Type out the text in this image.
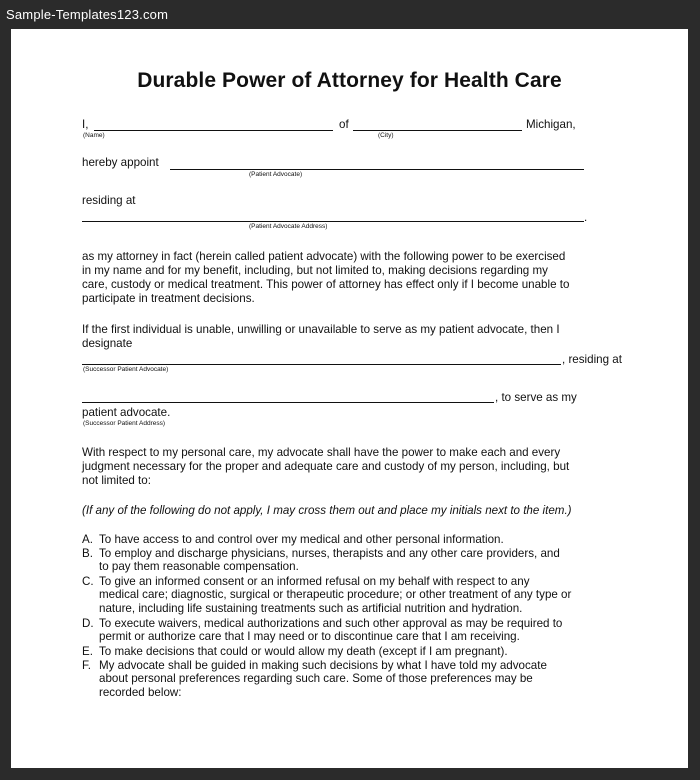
Sample-Templates123.com
Durable Power of Attorney for Health Care
I,	of	Michigan,
(Name)	(City)
hereby appoint
(Patient Advocate)
residing at
.
(Patient Advocate Address)
as my attorney in fact (herein called patient advocate) with the following power to be exercised
in my name and for my benefit, including, but not limited to, making decisions regarding my
care, custody or medical treatment. This power of attorney has effect only if I become unable to
participate in treatment decisions.
If the first individual is unable, unwilling or unavailable to serve as my patient advocate, then I
designate
, residing at
(Successor Patient Advocate)
, to serve as my
patient advocate.
(Successor Patient Address)
With respect to my personal care, my advocate shall have the power to make each and every
judgment necessary for the proper and adequate care and custody of my person, including, but
not limited to:
(If any of the following do not apply, I may cross them out and place my initials next to the item.)
A. To have access to and control over my medical and other personal information.
B. To employ and discharge physicians, nurses, therapists and any other care providers, and
to pay them reasonable compensation.
C. To give an informed consent or an informed refusal on my behalf with respect to any
medical care; diagnostic, surgical or therapeutic procedure; or other treatment of any type or
nature, including life sustaining treatments such as artificial nutrition and hydration.
D. To execute waivers, medical authorizations and such other approval as may be required to
permit or authorize care that I may need or to discontinue care that I am receiving.
E. To make decisions that could or would allow my death (except if I am pregnant).
F. My advocate shall be guided in making such decisions by what I have told my advocate
about personal preferences regarding such care. Some of those preferences may be
recorded below:
